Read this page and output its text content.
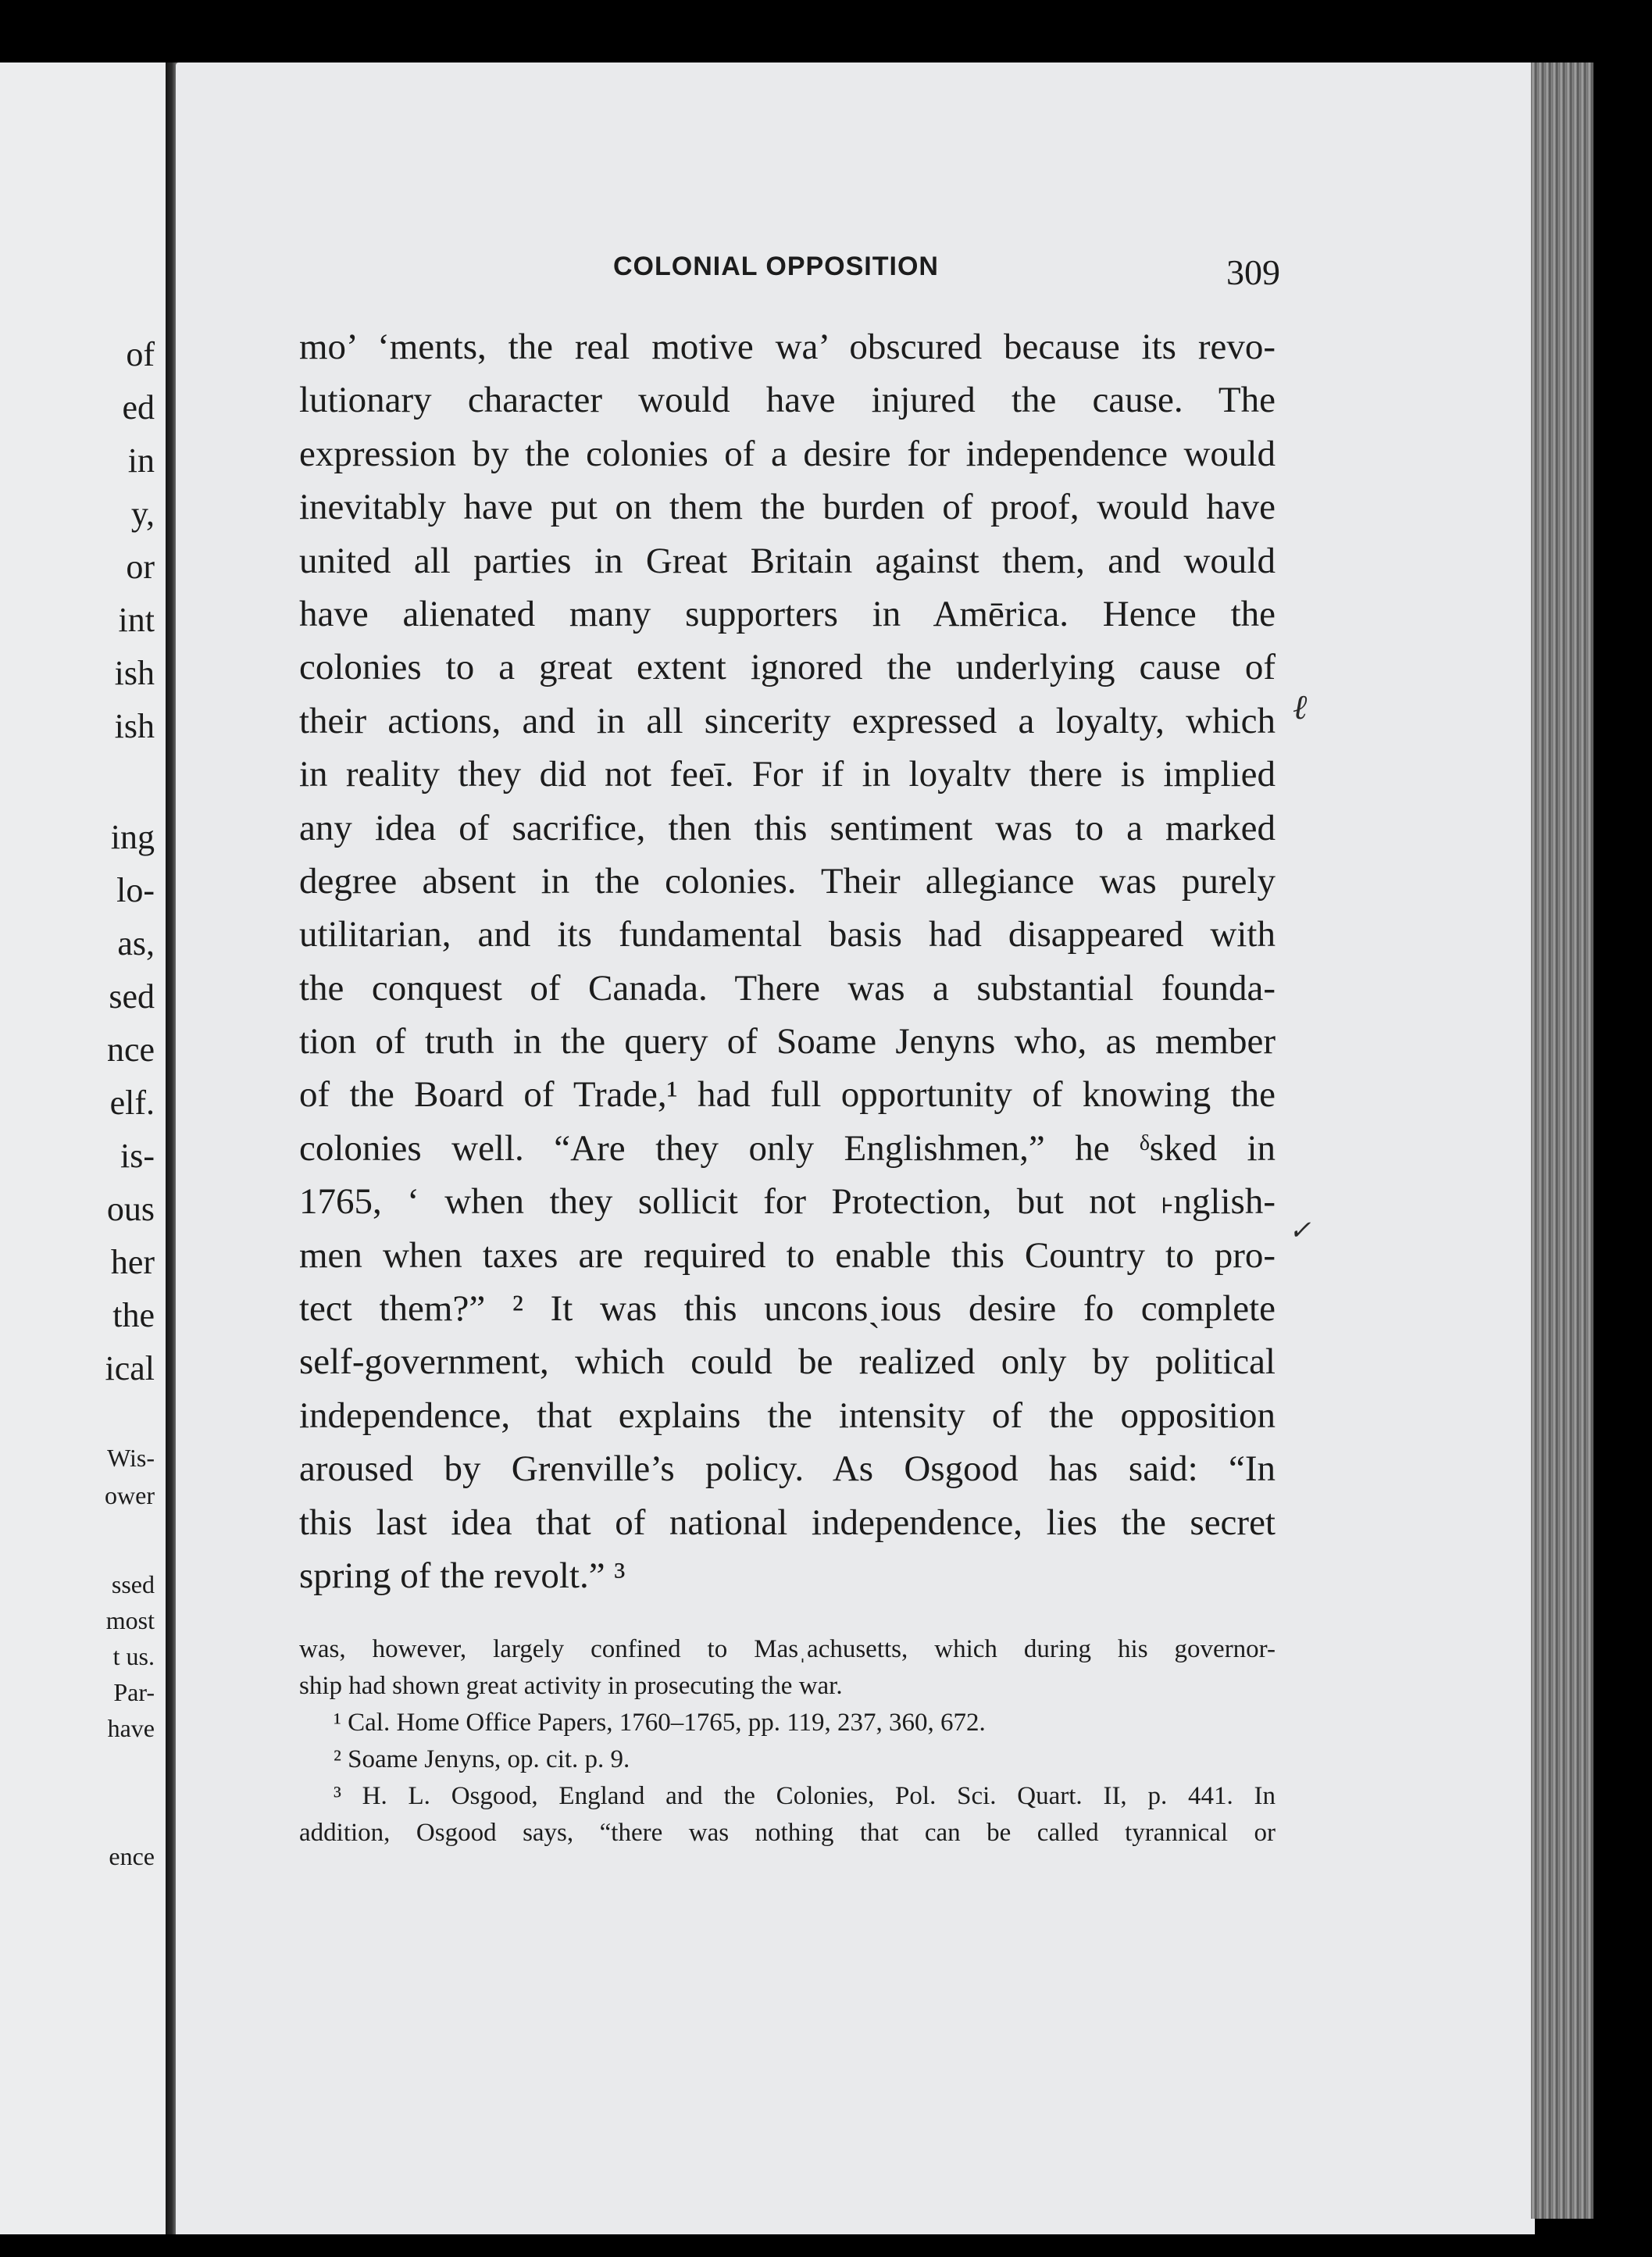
of
ed
in
y,
or
int
ish
ish
ing
lo-
as,
sed
nce
elf.
is-
ous
her
the
ical
Wis-
ower
ssed
most
t us.
Par-
have
ence
COLONIAL OPPOSITION	309
mo’ ‘ments, the real motive wa’ obscured because its revo-
lutionary character would have injured the cause. The
expression by the colonies of a desire for independence would
inevitably have put on them the burden of proof, would have
united all parties in Great Britain against them, and would
have alienated many supporters in Amērica. Hence the
colonies to a great extent ignored the underlying cause of
their actions, and in all sincerity expressed a loyalty, which
in reality they did not feeī. For if in loyaltv there is implied
any idea of sacrifice, then this sentiment was to a marked
degree absent in the colonies. Their allegiance was purely
utilitarian, and its fundamental basis had disappeared with
the conquest of Canada. There was a substantial founda-
tion of truth in the query of Soame Jenyns who, as member
of the Board of Trade,¹ had full opportunity of knowing the
colonies well. “Are they only Englishmen,” he ᵟsked in
1765, ‘ when they sollicit for Protection, but not ˫nglish-
men when taxes are required to enable this Country to pro-
tect them?” ² It was this unconsˏious desire fo complete
self-government, which could be realized only by political
independence, that explains the intensity of the opposition
aroused by Grenville’s policy. As Osgood has said: “In
this last idea that of national independence, lies the secret
spring of the revolt.” ³
was, however, largely confined to Masˌachusetts, which during his governor-
ship had shown great activity in prosecuting the war.
¹ Cal. Home Office Papers, 1760–1765, pp. 119, 237, 360, 672.
² Soame Jenyns, op. cit. p. 9.
³ H. L. Osgood, England and the Colonies, Pol. Sci. Quart. II, p. 441. In
addition, Osgood says, “there was nothing that can be called tyrannical or
ℓ
✓
